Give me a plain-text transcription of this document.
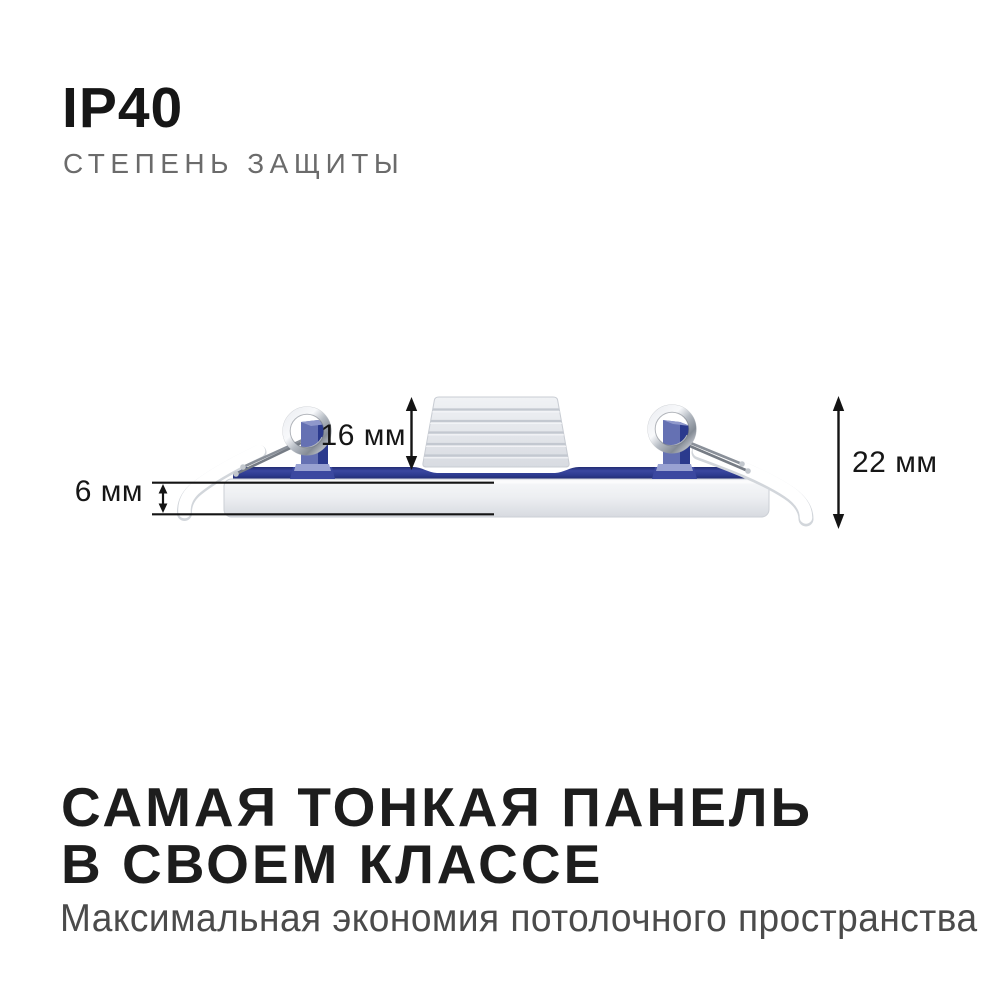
IP40
СТЕПЕНЬ ЗАЩИТЫ
16 мм
22 мм
6 мм
САМАЯ ТОНКАЯ ПАНЕЛЬ
В СВОЕМ КЛАССЕ

Максимальная экономия потолочного пространства
